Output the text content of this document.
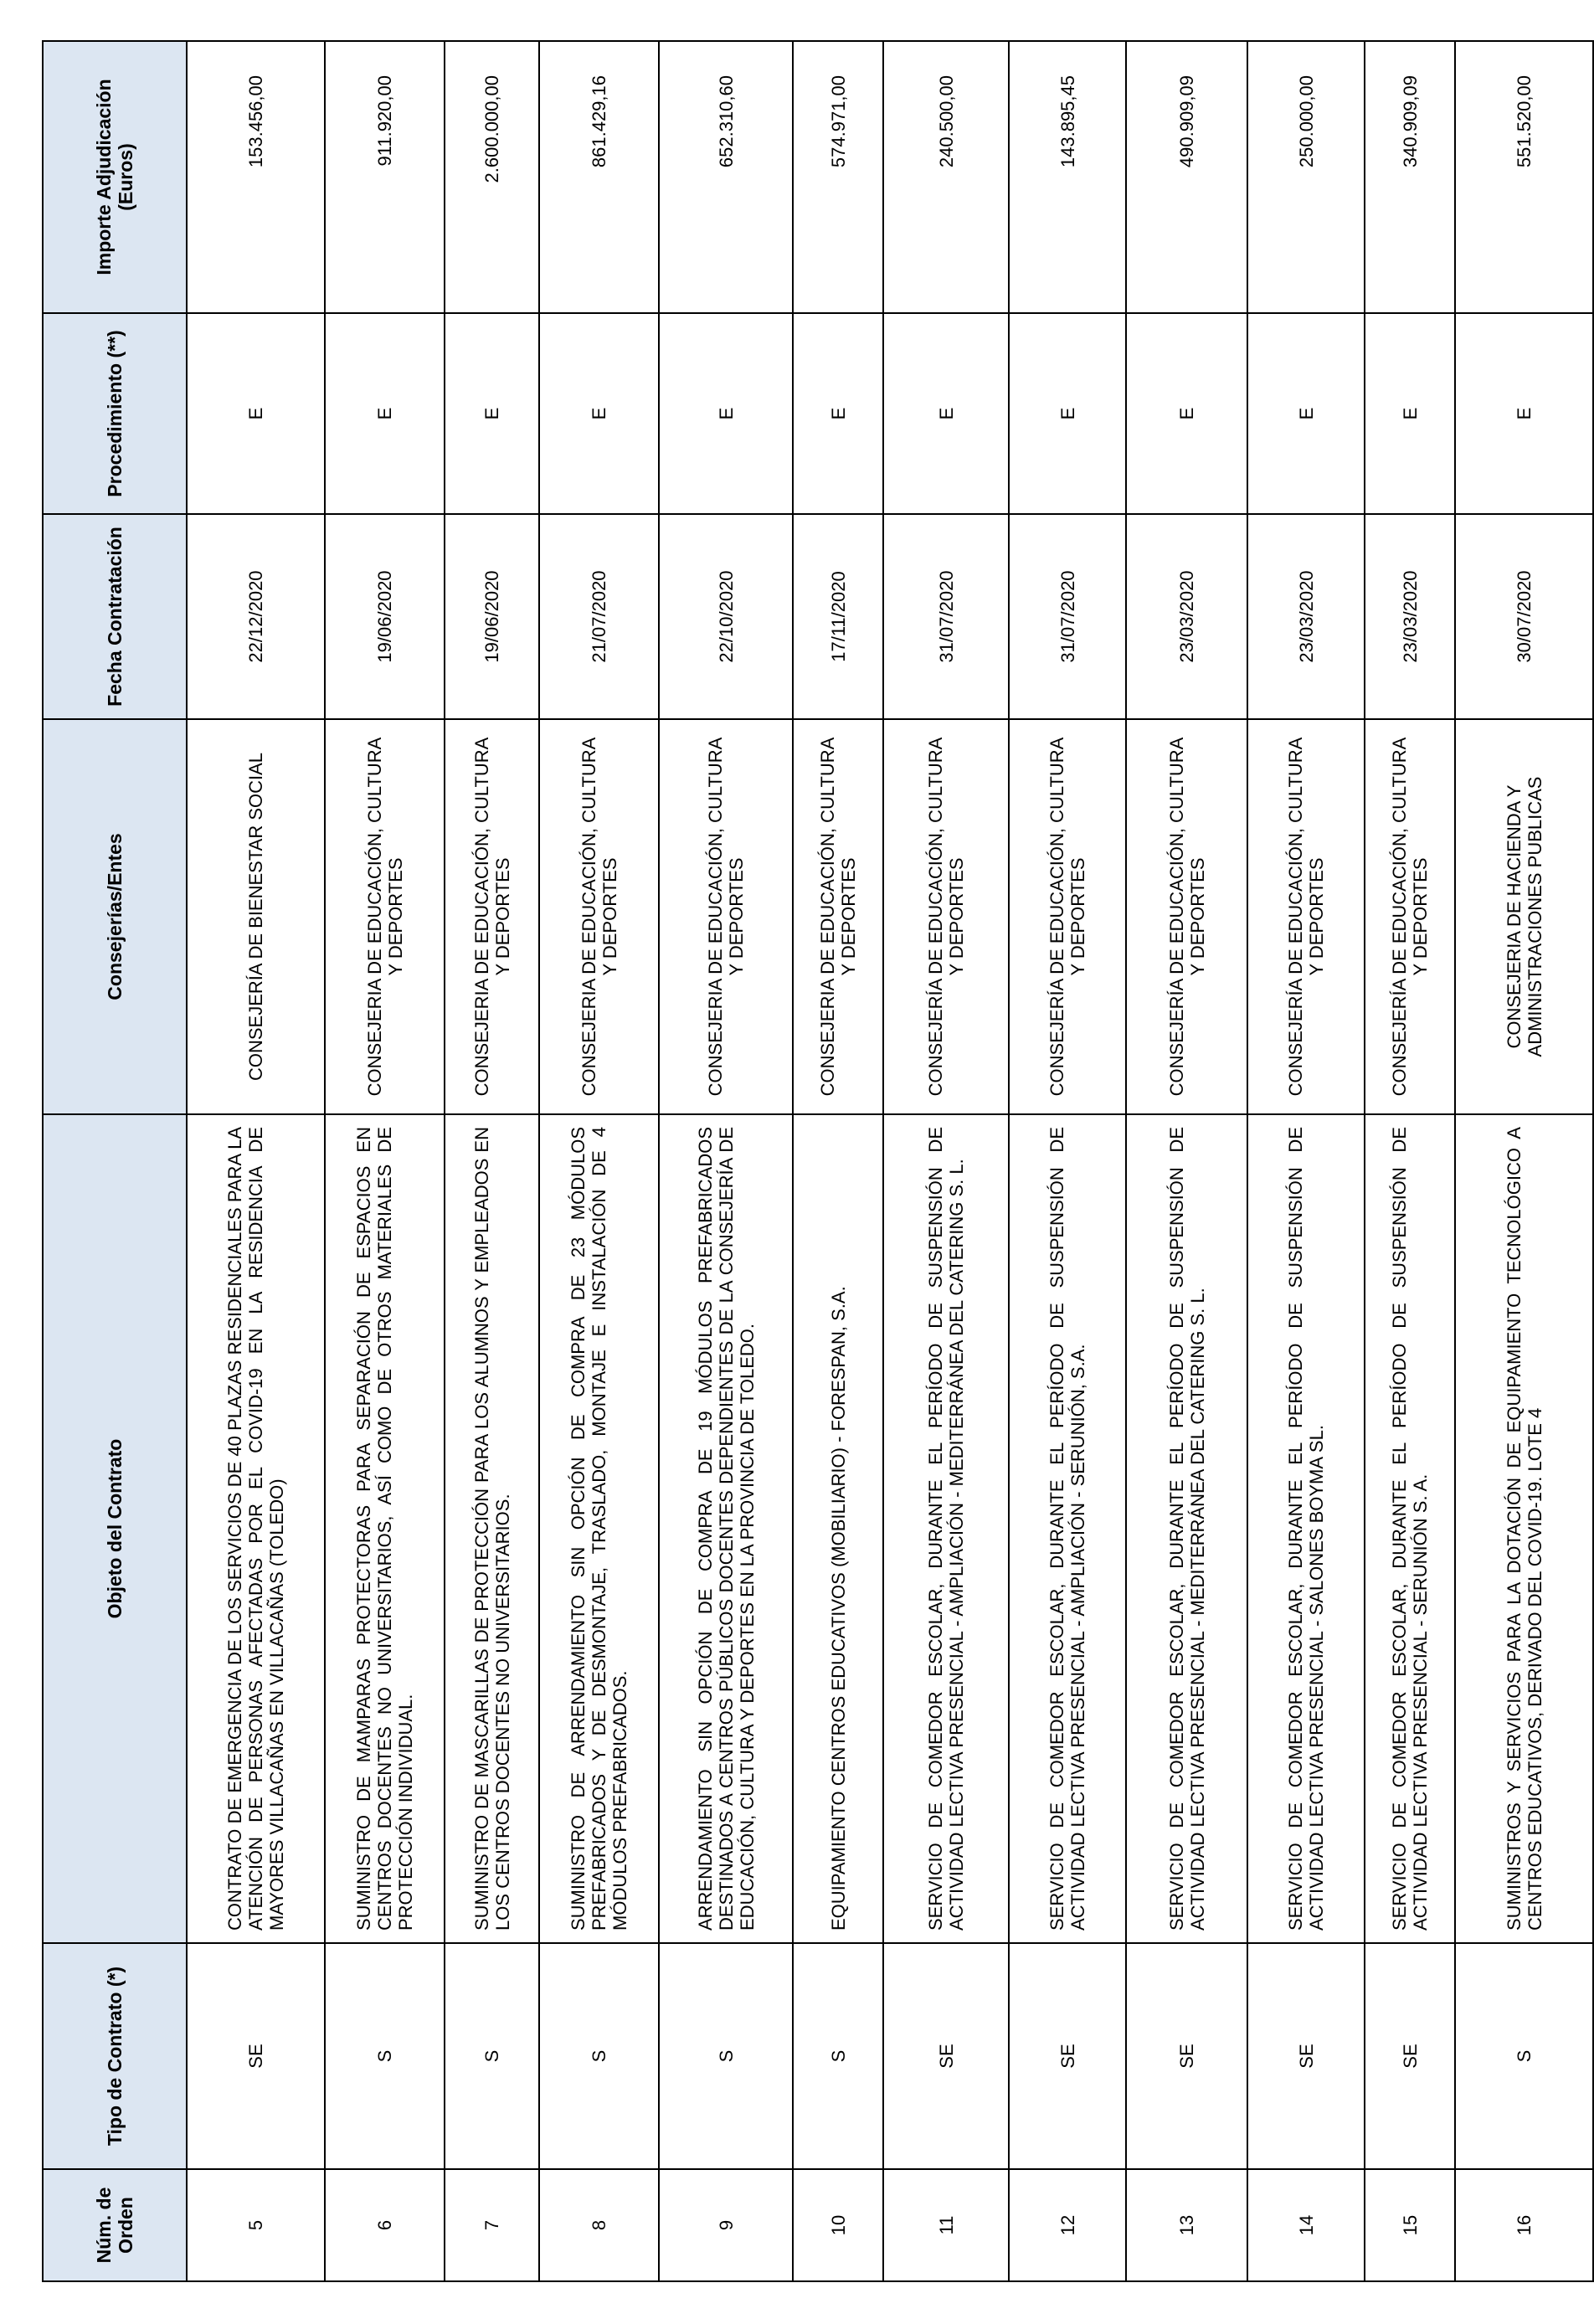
Núm. de Orden	Tipo de Contrato (*)	Objeto del Contrato	Consejerías/Entes	Fecha Contratación	Procedimiento (**)	Importe Adjudicación (Euros)
5	SE	CONTRATO DE EMERGENCIA DE LOS SERVICIOS DE 40 PLAZAS RESIDENCIALES PARA LA ATENCIÓN DE PERSONAS AFECTADAS POR EL COVID-19 EN LA RESIDENCIA DE MAYORES VILLACAÑAS EN VILLACAÑAS (TOLEDO)	CONSEJERÍA DE BIENESTAR SOCIAL	22/12/2020	E	153.456,00
6	S	SUMINISTRO DE MAMPARAS PROTECTORAS PARA SEPARACIÓN DE ESPACIOS EN CENTROS DOCENTES NO UNIVERSITARIOS, ASÍ COMO DE OTROS MATERIALES DE PROTECCIÓN INDIVIDUAL.	CONSEJERIA DE EDUCACIÓN, CULTURA Y DEPORTES	19/06/2020	E	911.920,00
7	S	SUMINISTRO DE MASCARILLAS DE PROTECCIÓN PARA LOS ALUMNOS Y EMPLEADOS EN LOS CENTROS DOCENTES NO UNIVERSITARIOS.	CONSEJERIA DE EDUCACIÓN, CULTURA Y DEPORTES	19/06/2020	E	2.600.000,00
8	S	SUMINISTRO DE ARRENDAMIENTO SIN OPCIÓN DE COMPRA DE 23 MÓDULOS PREFABRICADOS Y DE DESMONTAJE, TRASLADO, MONTAJE E INSTALACIÓN DE 4 MÓDULOS PREFABRICADOS.	CONSEJERIA DE EDUCACIÓN, CULTURA Y DEPORTES	21/07/2020	E	861.429,16
9	S	ARRENDAMIENTO SIN OPCIÓN DE COMPRA DE 19 MÓDULOS PREFABRICADOS DESTINADOS A CENTROS PÚBLICOS DOCENTES DEPENDIENTES DE LA CONSEJERÍA DE EDUCACIÓN, CULTURA Y DEPORTES EN LA PROVINCIA DE TOLEDO.	CONSEJERIA DE EDUCACIÓN, CULTURA Y DEPORTES	22/10/2020	E	652.310,60
10	S	EQUIPAMIENTO CENTROS EDUCATIVOS (MOBILIARIO) - FORESPAN, S.A.	CONSEJERIA DE EDUCACIÓN, CULTURA Y DEPORTES	17/11/2020	E	574.971,00
11	SE	SERVICIO DE COMEDOR ESCOLAR, DURANTE EL PERÍODO DE SUSPENSIÓN DE ACTIVIDAD LECTIVA PRESENCIAL - AMPLIACIÓN - MEDITERRÁNEA DEL CATERING S. L.	CONSEJERÍA DE EDUCACIÓN, CULTURA Y DEPORTES	31/07/2020	E	240.500,00
12	SE	SERVICIO DE COMEDOR ESCOLAR, DURANTE EL PERÍODO DE SUSPENSIÓN DE ACTIVIDAD LECTIVA PRESENCIAL - AMPLIACIÓN - SERUNIÓN, S.A.	CONSEJERÍA DE EDUCACIÓN, CULTURA Y DEPORTES	31/07/2020	E	143.895,45
13	SE	SERVICIO DE COMEDOR ESCOLAR, DURANTE EL PERÍODO DE SUSPENSIÓN DE ACTIVIDAD LECTIVA PRESENCIAL - MEDITERRÁNEA DEL CATERING S. L.	CONSEJERÍA DE EDUCACIÓN, CULTURA Y DEPORTES	23/03/2020	E	490.909,09
14	SE	SERVICIO DE COMEDOR ESCOLAR, DURANTE EL PERÍODO DE SUSPENSIÓN DE ACTIVIDAD LECTIVA PRESENCIAL - SALONES BOYMA SL.	CONSEJERÍA DE EDUCACIÓN, CULTURA Y DEPORTES	23/03/2020	E	250.000,00
15	SE	SERVICIO DE COMEDOR ESCOLAR, DURANTE EL PERÍODO DE SUSPENSIÓN DE ACTIVIDAD LECTIVA PRESENCIAL - SERUNIÓN S. A.	CONSEJERÍA DE EDUCACIÓN, CULTURA Y DEPORTES	23/03/2020	E	340.909,09
16	S	SUMINISTROS Y SERVICIOS PARA LA DOTACIÓN DE EQUIPAMIENTO TECNOLÓGICO A CENTROS EDUCATIVOS, DERIVADO DEL COVID-19. LOTE 4	CONSEJERIA DE HACIENDA Y ADMINISTRACIONES PUBLICAS	30/07/2020	E	551.520,00
